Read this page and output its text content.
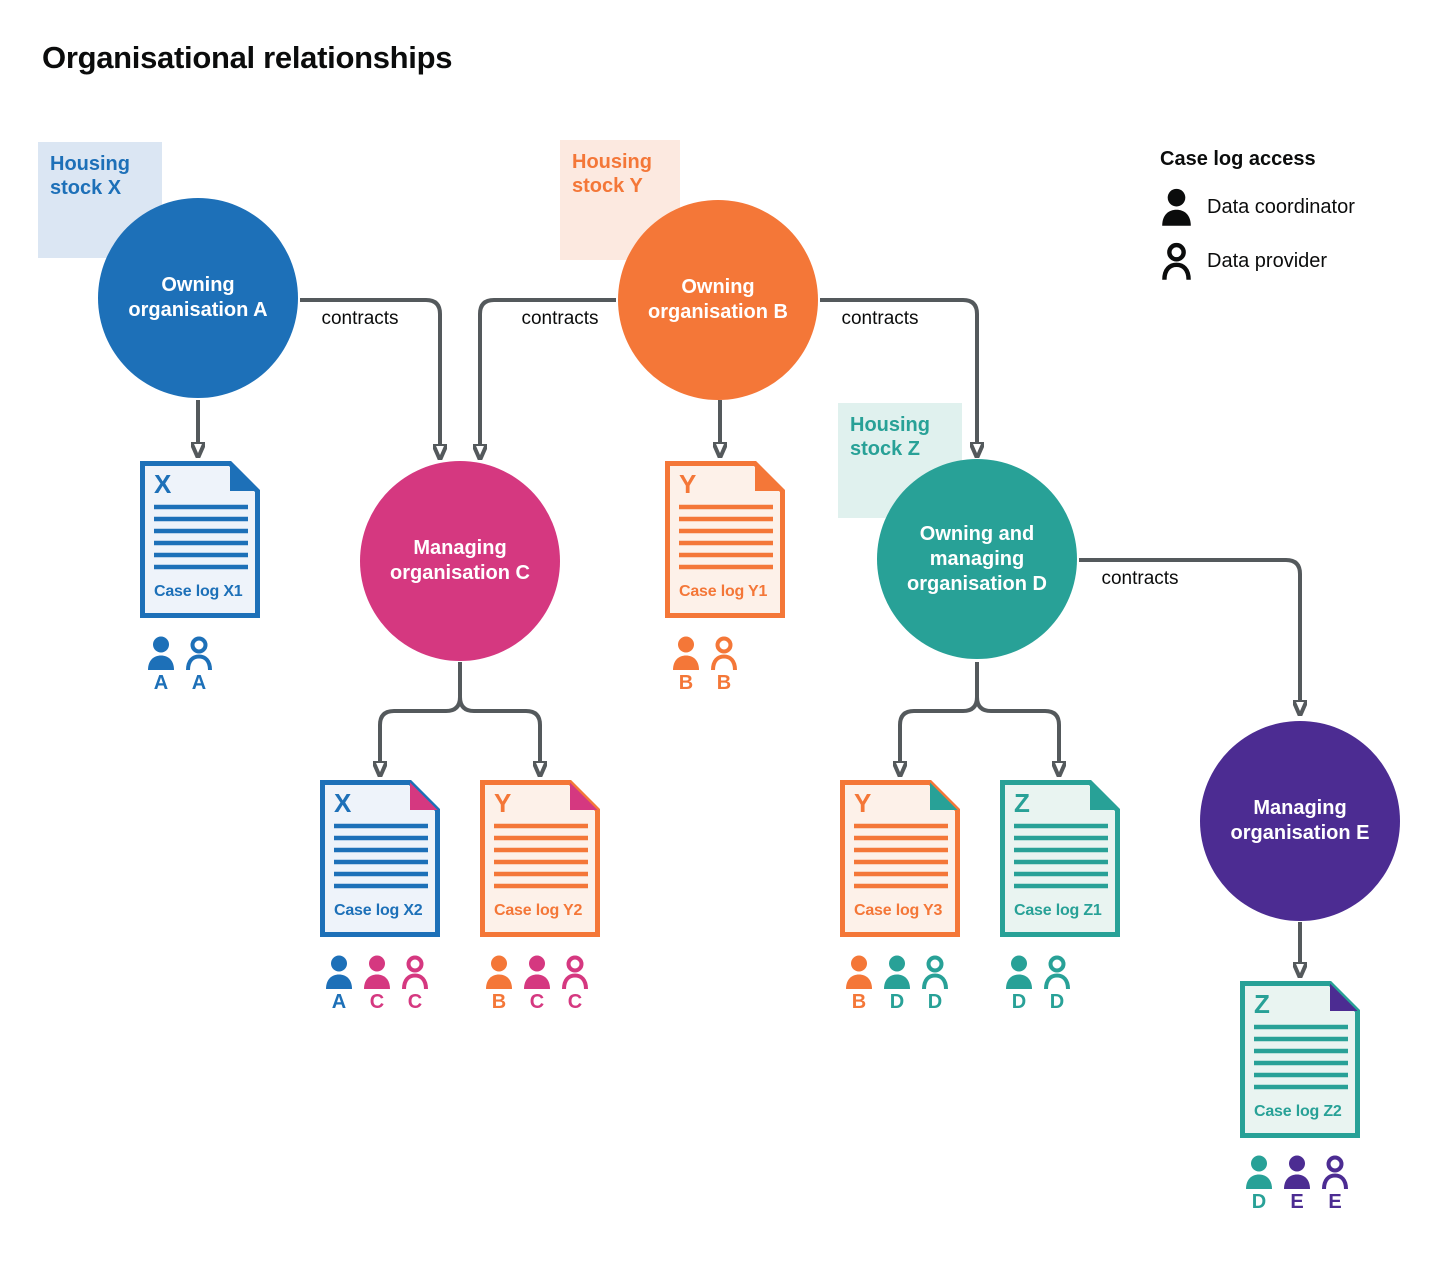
Organisational relationships

Case log access

Data coordinator
Data provider
Housing stock X
Housing stock Y
Housing stock Z
Owning organisation A
Owning organisation B
Managing organisation C
Owning and managing organisation D
Managing organisation E
contracts	contracts	contracts
contracts
X
Case log X1
Y
Case log Y1
X
Case log X2
Y
Case log Y2
Y
Case log Y3
Z
Case log Z1
Z
Case log Z2
A A	B B
A C C	B C C	B D D	D D
D E E
